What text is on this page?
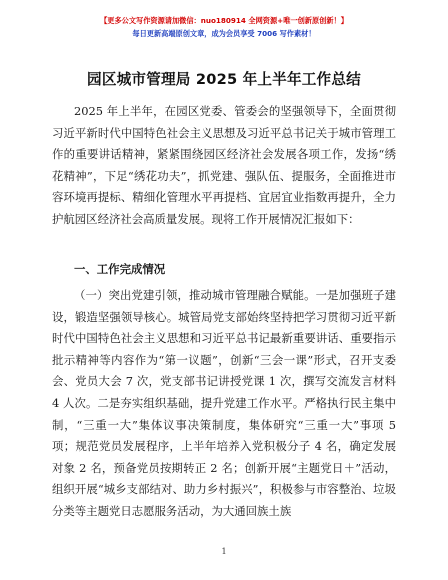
【更多公文写作资源请加微信：nuo180914 全网资源+唯一创新原创新！】
每日更新高端原创文章，成为会员享受 7006 写作素材！
园区城市管理局 2025 年上半年工作总结

2025 年上半年，在园区党委、管委会的坚强领导下，全面贯彻习近平新时代中国特色社会主义思想及习近平总书记关于城市管理工作的重要讲话精神，紧紧围绕园区经济社会发展各项工作，发扬“绣花精神”，下足“绣花功夫”，抓党建、强队伍、提服务，全面推进市容环境再提标、精细化管理水平再提档、宜居宜业指数再提升，全力护航园区经济社会高质量发展。现将工作开展情况汇报如下：

一、工作完成情况

（一）突出党建引领，推动城市管理融合赋能。一是加强班子建设，锻造坚强领导核心。城管局党支部始终坚持把学习贯彻习近平新时代中国特色社会主义思想和习近平总书记最新重要讲话、重要指示批示精神等内容作为“第一议题”，创新“三会一课”形式，召开支委会、党员大会 7 次，党支部书记讲授党课 1 次，撰写交流发言材料 4 人次。二是夯实组织基础，提升党建工作水平。严格执行民主集中制，“三重一大”集体议事决策制度，集体研究“三重一大”事项 5 项；规范党员发展程序，上半年培养入党积极分子 4 名，确定发展对象 2 名，预备党员按期转正 2 名；创新开展“主题党日＋”活动，组织开展“城乡支部结对、助力乡村振兴”，积极参与市容整治、垃圾分类等主题党日志愿服务活动，为大通回族土族

1
